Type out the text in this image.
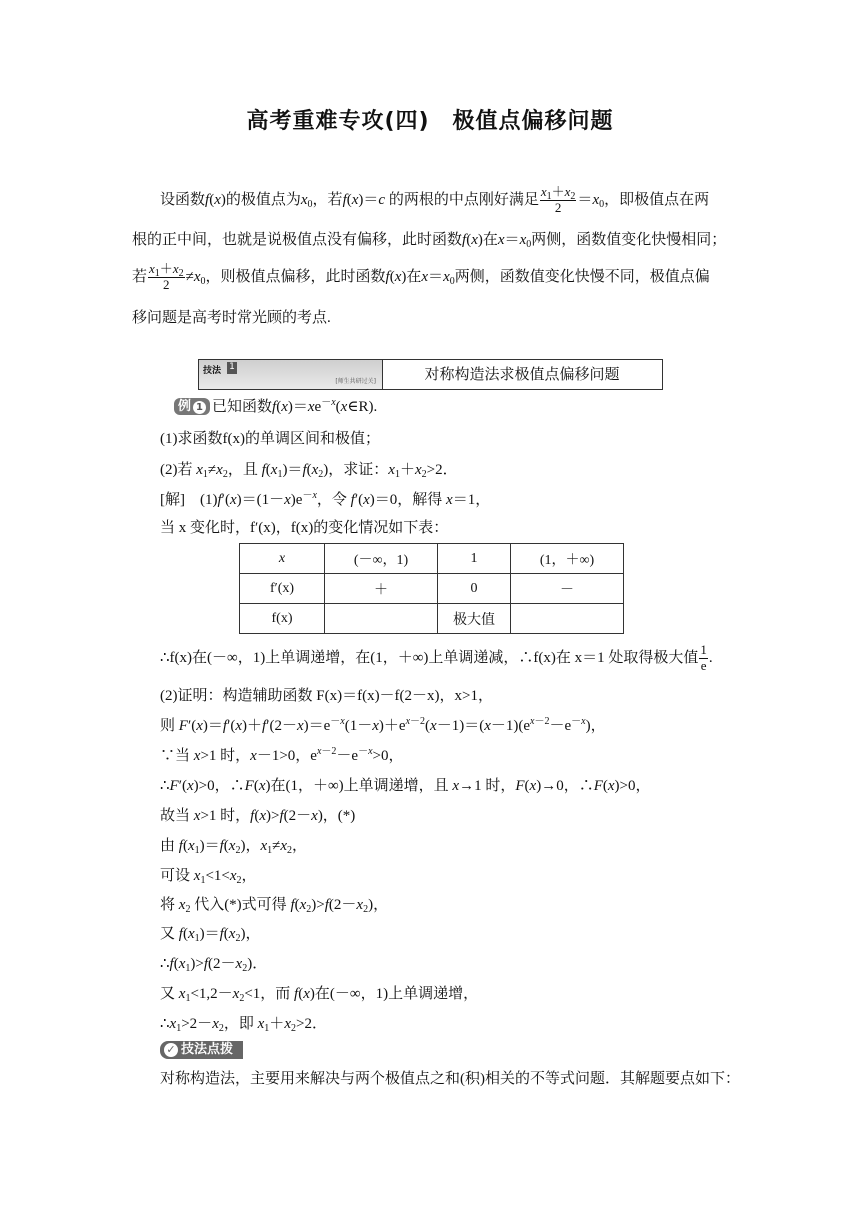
高考重难专攻(四)　极值点偏移问题
设函数f(x)的极值点为$x_0$，若f(x)＝c 的两根的中点刚好满足 $\frac{x_1+x_2}{2} =x_0$，即极值点在两
根的正中间，也就是说极值点没有偏移，此时函数f(x)在$x=x_0$两侧，函数值变化快慢相同；
若 $\frac{x_1+x_2}{2} \ne x_0$，则极值点偏移，此时函数f(x)在$x=x_0$两侧，函数值变化快慢不同，极值点偏
移问题是高考时常光顾的考点.
技法 1
[师生共研过关]	对称构造法求极值点偏移问题
例 1 已知函数$f(x)=xe^{-x}(x\in R)$.
(1)求函数f(x)的单调区间和极值；
(2)若 $x_1\ne x_2$，且 $f(x_1)=f(x_2)$，求证：$x_1+x_2>2$．
[解]　$(1)f'(x)=(1-x)e^{-x}$，令 f′(x)＝0，解得 x＝1，
当 x 变化时，f′(x)，f(x)的变化情况如下表：
x	(－∞，1)	1	(1，＋∞)
f′(x)	＋	0	－
f(x)		极大值	
∴f(x)在(－∞，1)上单调递增，在(1，＋∞)上单调递减，∴f(x)在 x＝1 处取得极大值 $\frac{1}{e}$ .
(2)证明：构造辅助函数 F(x)＝f(x)－f(2－x)，x>1，
则 $F'(x)=f'(x)+f'(2-x)=e^{-x}(1-x)+e^{x-2}(x-1)=(x-1)(e^{x-2}-e^{-x})$，
∵当 x>1 时，x－1>0，$e^{x-2}-e^{-x}>0$，
∴F′(x)>0，∴F(x)在(1，＋∞)上单调递增，且 x→1 时，F(x)→0，∴F(x)>0，
故当 x>1 时，f(x)>f(2－x)，(*)
由 $f(x_1)=f(x_2)$，$x_1\ne x_2$，
可设 $x_1<1<x_2$，
将 $x_2$ 代入(*)式可得 $f(x_2)>f(2-x_2)$，
又 $f(x_1)=f(x_2)$，
$\therefore f(x_1)>f(2-x_2)$．
又 $x_1<1,2-x_2<1$，而 f(x)在(－∞，1)上单调递增，
$\therefore x_1>2-x_2$，即 $x_1+x_2>2$．
✓ 技法点拨
对称构造法，主要用来解决与两个极值点之和(积)相关的不等式问题．其解题要点如下：
